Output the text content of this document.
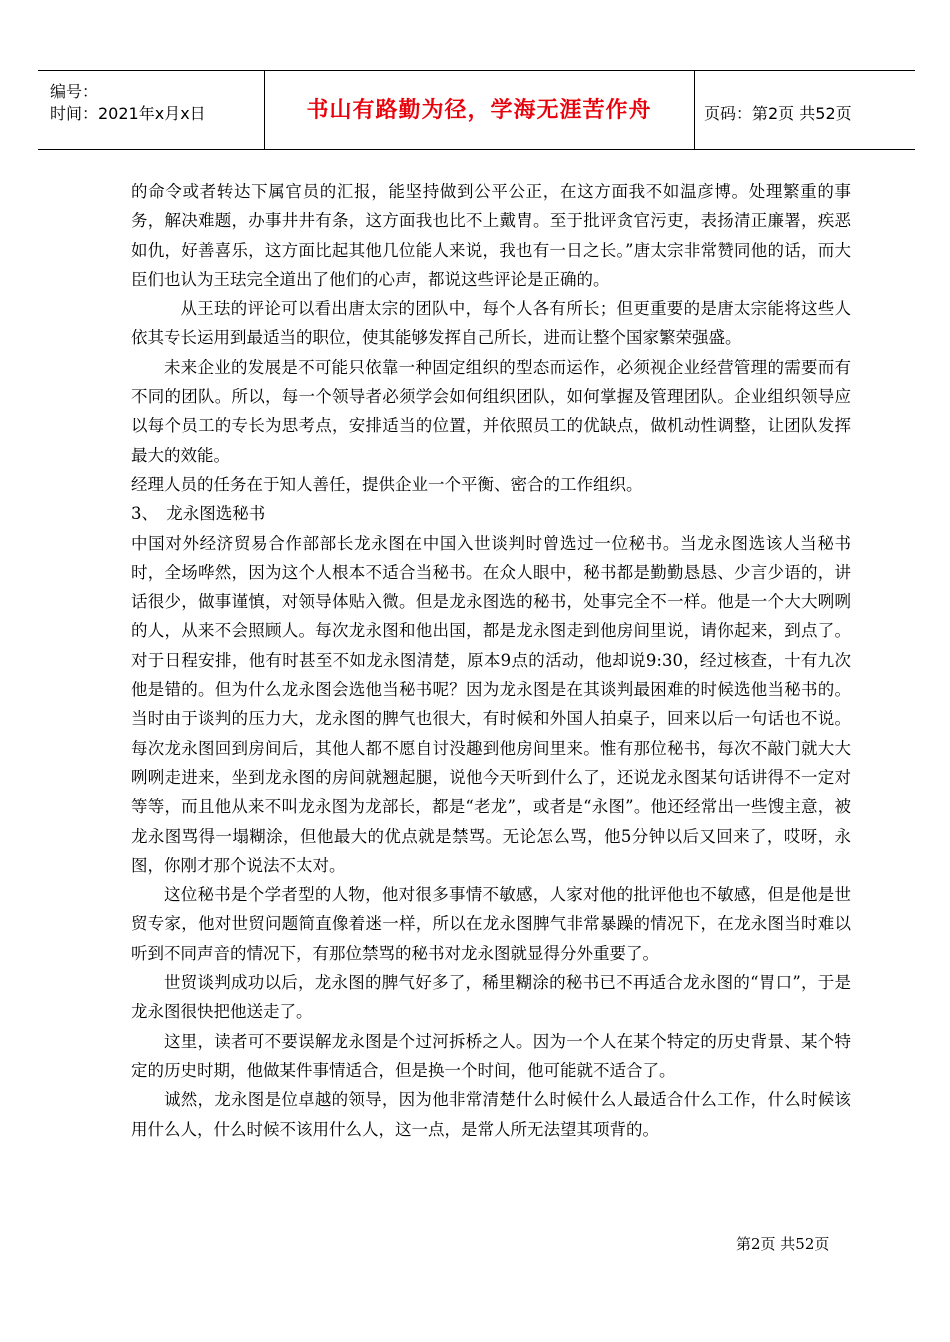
编号：
时间：2021年x月x日	书山有路勤为径，学海无涯苦作舟	页码：第2页 共52页

的命令或者转达下属官员的汇报，能坚持做到公平公正，在这方面我不如温彦博。处理繁重的事务，解决难题，办事井井有条，这方面我也比不上戴胄。至于批评贪官污吏，表扬清正廉署，疾恶如仇，好善喜乐，这方面比起其他几位能人来说，我也有一日之长。”唐太宗非常赞同他的话，而大臣们也认为王珐完全道出了他们的心声，都说这些评论是正确的。

从王珐的评论可以看出唐太宗的团队中，每个人各有所长；但更重要的是唐太宗能将这些人依其专长运用到最适当的职位，使其能够发挥自己所长，进而让整个国家繁荣强盛。

未来企业的发展是不可能只依靠一种固定组织的型态而运作，必须视企业经营管理的需要而有不同的团队。所以，每一个领导者必须学会如何组织团队，如何掌握及管理团队。企业组织领导应以每个员工的专长为思考点，安排适当的位置，并依照员工的优缺点，做机动性调整，让团队发挥最大的效能。

经理人员的任务在于知人善任，提供企业一个平衡、密合的工作组织。

3、　龙永图选秘书

中国对外经济贸易合作部部长龙永图在中国入世谈判时曾选过一位秘书。当龙永图选该人当秘书时，全场哗然，因为这个人根本不适合当秘书。在众人眼中，秘书都是勤勤恳恳、少言少语的，讲话很少，做事谨慎，对领导体贴入微。但是龙永图选的秘书，处事完全不一样。他是一个大大咧咧的人，从来不会照顾人。每次龙永图和他出国，都是龙永图走到他房间里说，请你起来，到点了。对于日程安排，他有时甚至不如龙永图清楚，原本9点的活动，他却说9:30，经过核查，十有九次他是错的。但为什么龙永图会选他当秘书呢？因为龙永图是在其谈判最困难的时候选他当秘书的。当时由于谈判的压力大，龙永图的脾气也很大，有时候和外国人拍桌子，回来以后一句话也不说。每次龙永图回到房间后，其他人都不愿自讨没趣到他房间里来。惟有那位秘书，每次不敲门就大大咧咧走进来，坐到龙永图的房间就翘起腿，说他今天听到什么了，还说龙永图某句话讲得不一定对等等，而且他从来不叫龙永图为龙部长，都是“老龙”，或者是“永图”。他还经常出一些馊主意，被龙永图骂得一塌糊涂，但他最大的优点就是禁骂。无论怎么骂，他5分钟以后又回来了，哎呀，永图，你刚才那个说法不太对。

这位秘书是个学者型的人物，他对很多事情不敏感，人家对他的批评他也不敏感，但是他是世贸专家，他对世贸问题简直像着迷一样，所以在龙永图脾气非常暴躁的情况下，在龙永图当时难以听到不同声音的情况下，有那位禁骂的秘书对龙永图就显得分外重要了。

世贸谈判成功以后，龙永图的脾气好多了，稀里糊涂的秘书已不再适合龙永图的“胃口”，于是龙永图很快把他送走了。

这里，读者可不要误解龙永图是个过河拆桥之人。因为一个人在某个特定的历史背景、某个特定的历史时期，他做某件事情适合，但是换一个时间，他可能就不适合了。

诚然，龙永图是位卓越的领导，因为他非常清楚什么时候什么人最适合什么工作，什么时候该用什么人，什么时候不该用什么人，这一点，是常人所无法望其项背的。

第2页 共52页
